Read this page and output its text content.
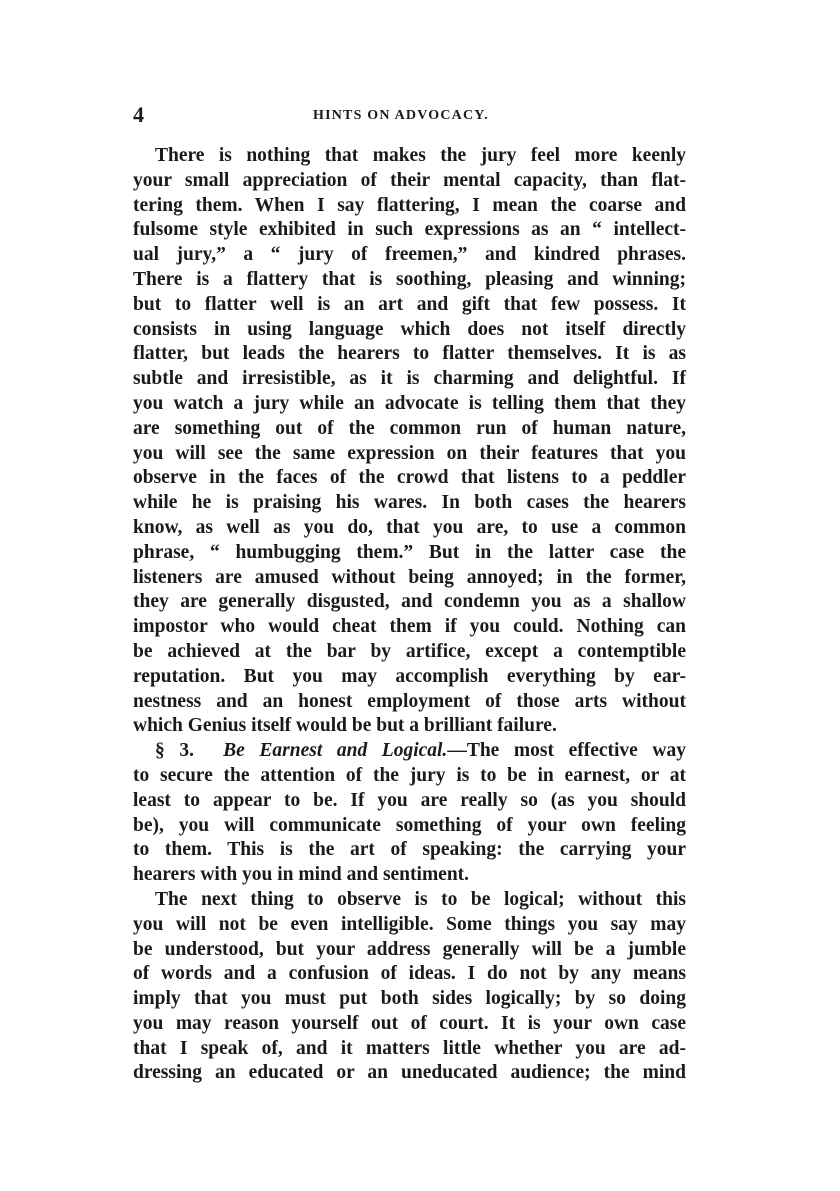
4	HINTS ON ADVOCACY.
There is nothing that makes the jury feel more keenly
your small appreciation of their mental capacity, than flat-
tering them. When I say flattering, I mean the coarse and
fulsome style exhibited in such expressions as an “ intellect-
ual jury,” a “ jury of freemen,” and kindred phrases.
There is a flattery that is soothing, pleasing and winning;
but to flatter well is an art and gift that few possess. It
consists in using language which does not itself directly
flatter, but leads the hearers to flatter themselves. It is as
subtle and irresistible, as it is charming and delightful. If
you watch a jury while an advocate is telling them that they
are something out of the common run of human nature,
you will see the same expression on their features that you
observe in the faces of the crowd that listens to a peddler
while he is praising his wares. In both cases the hearers
know, as well as you do, that you are, to use a common
phrase, “ humbugging them.” But in the latter case the
listeners are amused without being annoyed; in the former,
they are generally disgusted, and condemn you as a shallow
impostor who would cheat them if you could. Nothing can
be achieved at the bar by artifice, except a contemptible
reputation. But you may accomplish everything by ear-
nestness and an honest employment of those arts without
which Genius itself would be but a brilliant failure.
§ 3. Be Earnest and Logical.—The most effective way
to secure the attention of the jury is to be in earnest, or at
least to appear to be. If you are really so (as you should
be), you will communicate something of your own feeling
to them. This is the art of speaking: the carrying your
hearers with you in mind and sentiment.
The next thing to observe is to be logical; without this
you will not be even intelligible. Some things you say may
be understood, but your address generally will be a jumble
of words and a confusion of ideas. I do not by any means
imply that you must put both sides logically; by so doing
you may reason yourself out of court. It is your own case
that I speak of, and it matters little whether you are ad-
dressing an educated or an uneducated audience; the mind
